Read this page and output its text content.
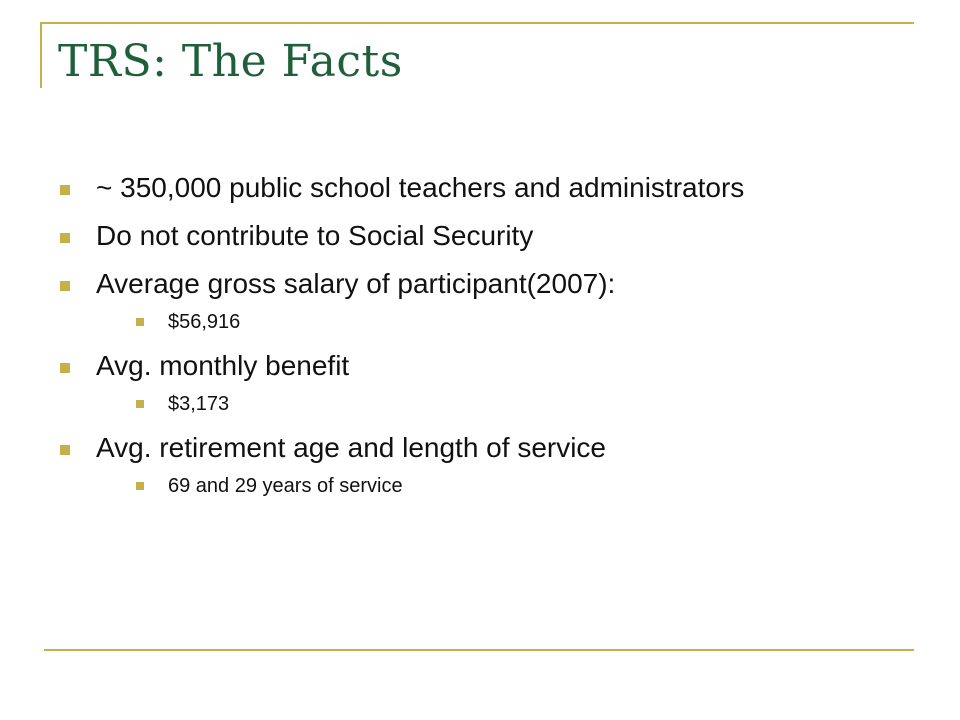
TRS: The Facts
~ 350,000 public school teachers and administrators
Do not contribute to Social Security
Average gross salary of participant(2007):
$56,916
Avg. monthly benefit
$3,173
Avg. retirement age and length of service
69 and 29 years of service
